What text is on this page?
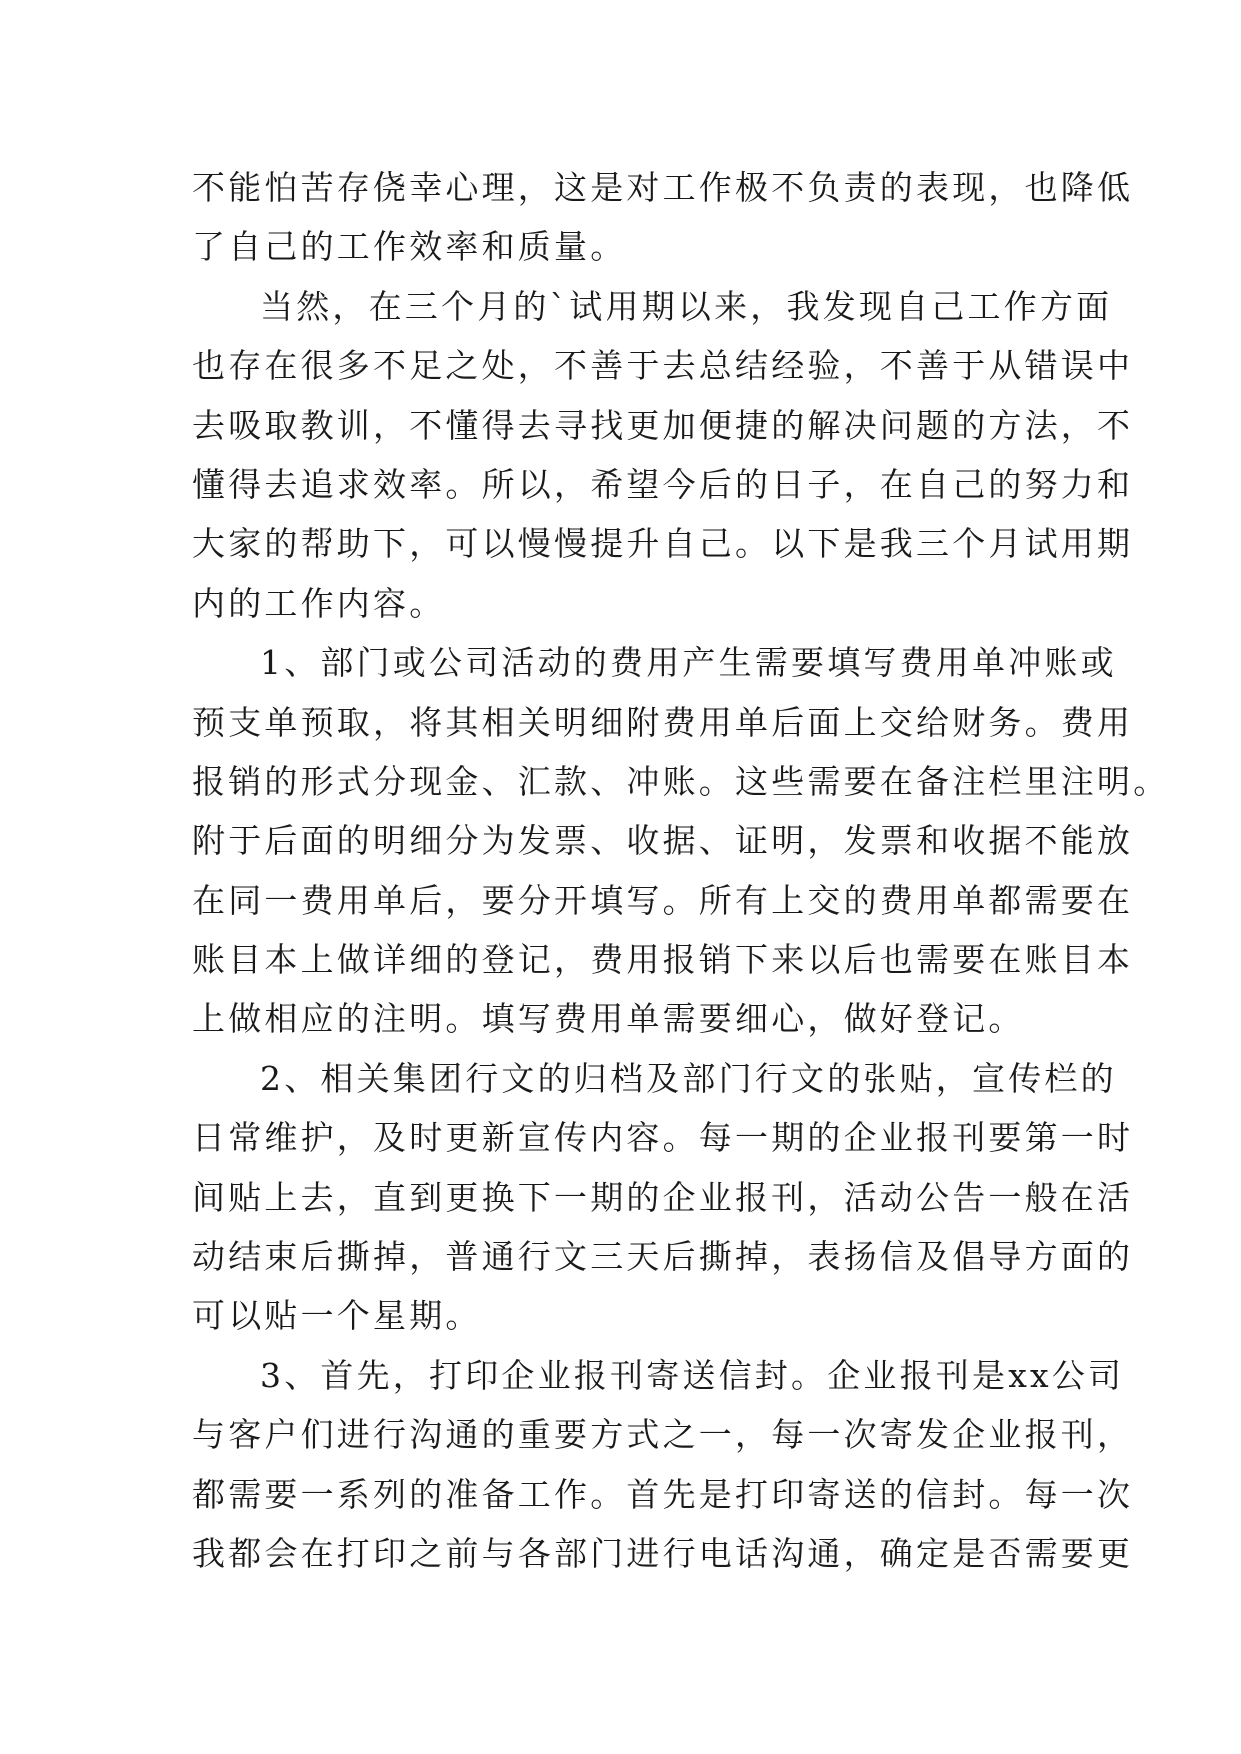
不能怕苦存侥幸心理，这是对工作极不负责的表现，也降低
了自己的工作效率和质量。
当然，在三个月的`试用期以来，我发现自己工作方面
也存在很多不足之处，不善于去总结经验，不善于从错误中
去吸取教训，不懂得去寻找更加便捷的解决问题的方法，不
懂得去追求效率。所以，希望今后的日子，在自己的努力和
大家的帮助下，可以慢慢提升自己。以下是我三个月试用期
内的工作内容。
1、部门或公司活动的费用产生需要填写费用单冲账或
预支单预取，将其相关明细附费用单后面上交给财务。费用
报销的形式分现金、汇款、冲账。这些需要在备注栏里注明。
附于后面的明细分为发票、收据、证明，发票和收据不能放
在同一费用单后，要分开填写。所有上交的费用单都需要在
账目本上做详细的登记，费用报销下来以后也需要在账目本
上做相应的注明。填写费用单需要细心，做好登记。
2、相关集团行文的归档及部门行文的张贴，宣传栏的
日常维护，及时更新宣传内容。每一期的企业报刊要第一时
间贴上去，直到更换下一期的企业报刊，活动公告一般在活
动结束后撕掉，普通行文三天后撕掉，表扬信及倡导方面的
可以贴一个星期。
3、首先，打印企业报刊寄送信封。企业报刊是xx公司
与客户们进行沟通的重要方式之一，每一次寄发企业报刊，
都需要一系列的准备工作。首先是打印寄送的信封。每一次
我都会在打印之前与各部门进行电话沟通，确定是否需要更
